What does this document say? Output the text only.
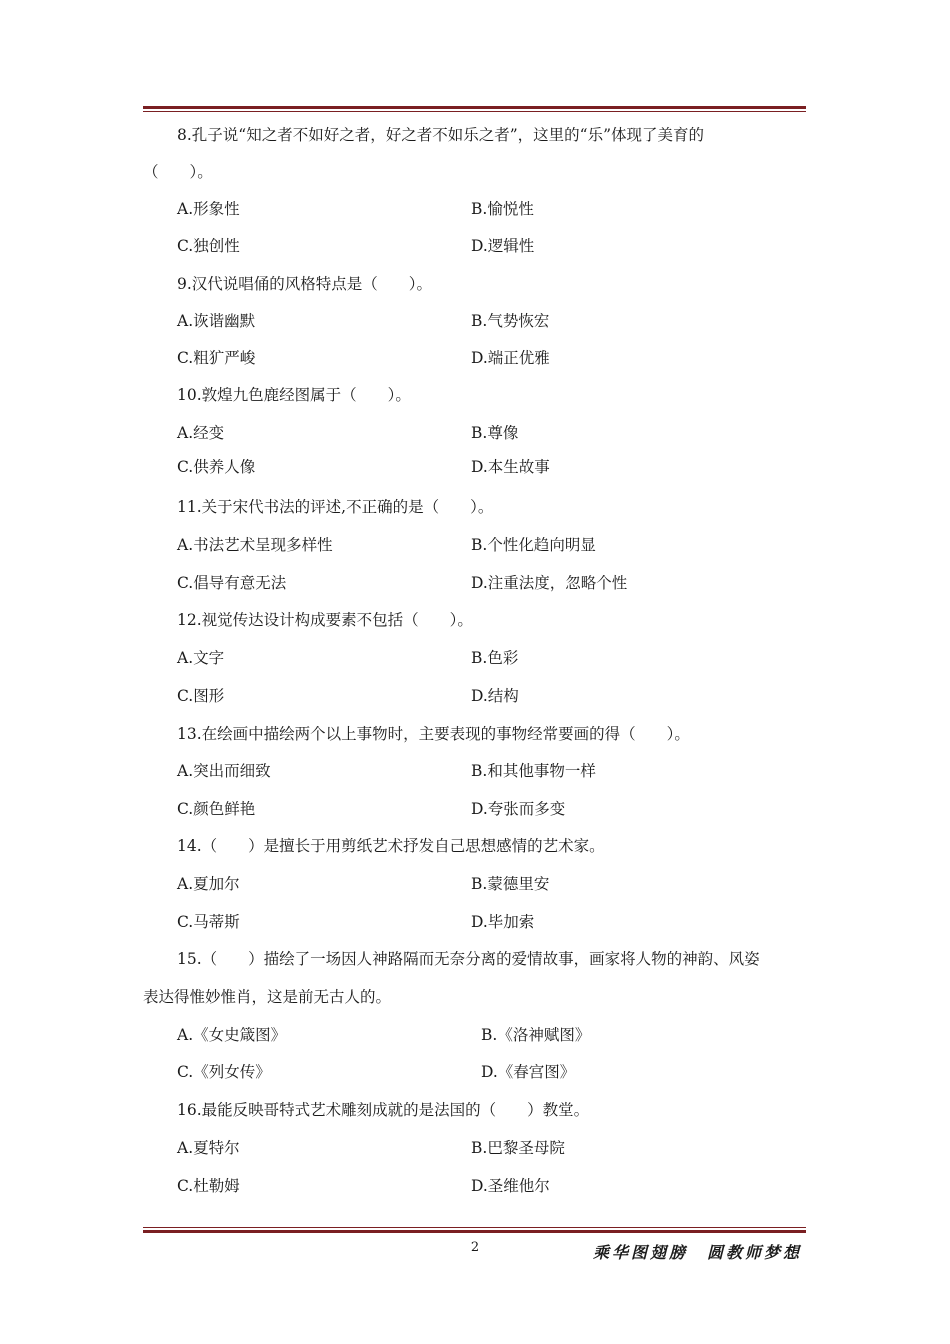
8.孔子说“知之者不如好之者，好之者不如乐之者”，这里的“乐”体现了美育的
（　　）。
A.形象性	B.愉悦性
C.独创性	D.逻辑性
9.汉代说唱俑的风格特点是（　　）。
A.诙谐幽默	B.气势恢宏
C.粗犷严峻	D.端正优雅
10.敦煌九色鹿经图属于（　　）。
A.经变	B.尊像
C.供养人像	D.本生故事
11.关于宋代书法的评述,不正确的是（　　）。
A.书法艺术呈现多样性	B.个性化趋向明显
C.倡导有意无法	D.注重法度，忽略个性
12.视觉传达设计构成要素不包括（　　）。
A.文字	B.色彩
C.图形	D.结构
13.在绘画中描绘两个以上事物时，主要表现的事物经常要画的得（　　）。
A.突出而细致	B.和其他事物一样
C.颜色鲜艳	D.夸张而多变
14.（　　）是擅长于用剪纸艺术抒发自己思想感情的艺术家。
A.夏加尔	B.蒙德里安
C.马蒂斯	D.毕加索
15.（　　）描绘了一场因人神路隔而无奈分离的爱情故事，画家将人物的神韵、风姿
表达得惟妙惟肖，这是前无古人的。
A.《女史箴图》	B.《洛神赋图》
C.《列女传》	D.《春宫图》
16.最能反映哥特式艺术雕刻成就的是法国的（　　）教堂。
A.夏特尔	B.巴黎圣母院
C.杜勒姆	D.圣维他尔
2	乘华图翅膀　圆教师梦想
